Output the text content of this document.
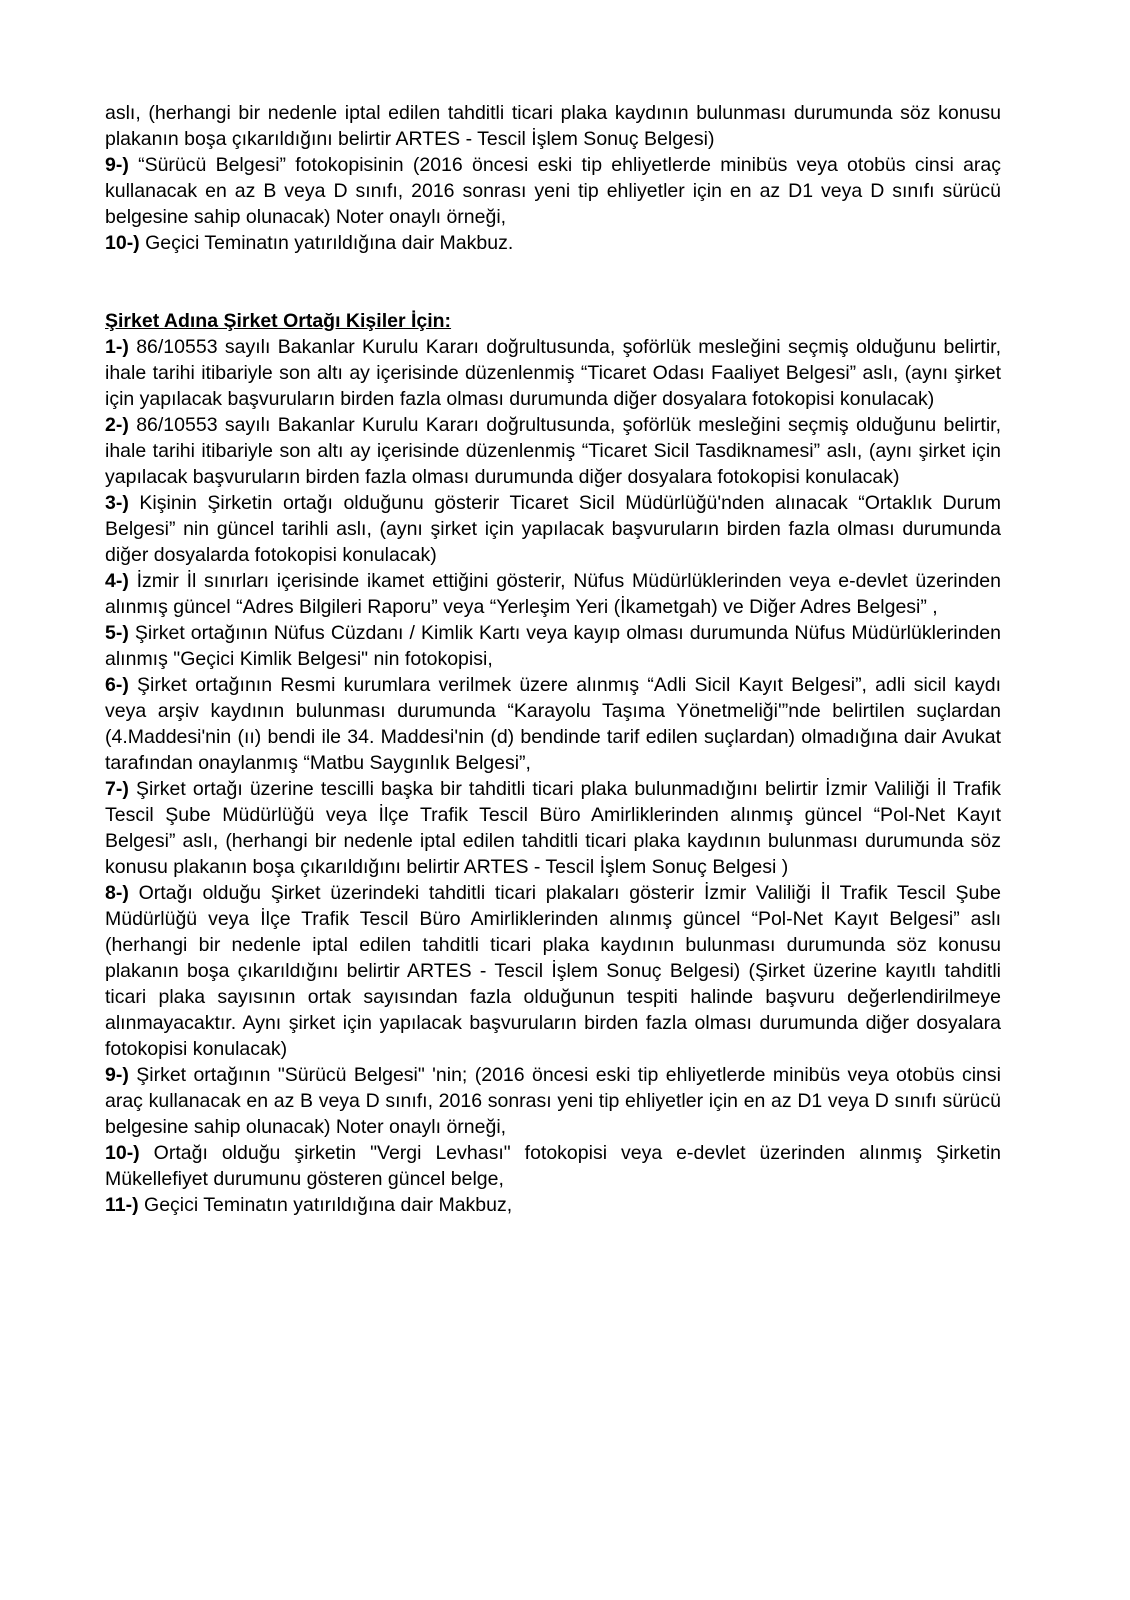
aslı, (herhangi bir nedenle iptal edilen tahditli ticari plaka kaydının bulunması durumunda söz konusu plakanın boşa çıkarıldığını belirtir ARTES - Tescil İşlem Sonuç Belgesi)

9-) “Sürücü Belgesi” fotokopisinin (2016 öncesi eski tip ehliyetlerde minibüs veya otobüs cinsi araç kullanacak en az B veya D sınıfı, 2016 sonrası yeni tip ehliyetler için en az D1 veya D sınıfı sürücü belgesine sahip olunacak) Noter onaylı örneği,

10-) Geçici Teminatın yatırıldığına dair Makbuz.

Şirket Adına Şirket Ortağı Kişiler İçin:

1-) 86/10553 sayılı Bakanlar Kurulu Kararı doğrultusunda, şoförlük mesleğini seçmiş olduğunu belirtir, ihale tarihi itibariyle son altı ay içerisinde düzenlenmiş “Ticaret Odası Faaliyet Belgesi” aslı, (aynı şirket için yapılacak başvuruların birden fazla olması durumunda diğer dosyalara fotokopisi konulacak)

2-) 86/10553 sayılı Bakanlar Kurulu Kararı doğrultusunda, şoförlük mesleğini seçmiş olduğunu belirtir, ihale tarihi itibariyle son altı ay içerisinde düzenlenmiş “Ticaret Sicil Tasdiknamesi” aslı, (aynı şirket için yapılacak başvuruların birden fazla olması durumunda diğer dosyalara fotokopisi konulacak)

3-) Kişinin Şirketin ortağı olduğunu gösterir Ticaret Sicil Müdürlüğü'nden alınacak “Ortaklık Durum Belgesi” nin güncel tarihli aslı, (aynı şirket için yapılacak başvuruların birden fazla olması durumunda diğer dosyalarda fotokopisi konulacak)

4-) İzmir İl sınırları içerisinde ikamet ettiğini gösterir, Nüfus Müdürlüklerinden veya e-devlet üzerinden alınmış güncel “Adres Bilgileri Raporu” veya “Yerleşim Yeri (İkametgah) ve Diğer Adres Belgesi” ,

5-) Şirket ortağının Nüfus Cüzdanı / Kimlik Kartı veya kayıp olması durumunda Nüfus Müdürlüklerinden alınmış "Geçici Kimlik Belgesi" nin fotokopisi,

6-) Şirket ortağının Resmi kurumlara verilmek üzere alınmış “Adli Sicil Kayıt Belgesi”, adli sicil kaydı veya arşiv kaydının bulunması durumunda “Karayolu Taşıma Yönetmeliği'”nde belirtilen suçlardan (4.Maddesi'nin (ıı) bendi ile 34. Maddesi'nin (d) bendinde tarif edilen suçlardan) olmadığına dair Avukat tarafından onaylanmış “Matbu Saygınlık Belgesi”,

7-) Şirket ortağı üzerine tescilli başka bir tahditli ticari plaka bulunmadığını belirtir İzmir Valiliği İl Trafik Tescil Şube Müdürlüğü veya İlçe Trafik Tescil Büro Amirliklerinden alınmış güncel “Pol-Net Kayıt Belgesi” aslı, (herhangi bir nedenle iptal edilen tahditli ticari plaka kaydının bulunması durumunda söz konusu plakanın boşa çıkarıldığını belirtir ARTES - Tescil İşlem Sonuç Belgesi )

8-) Ortağı olduğu Şirket üzerindeki tahditli ticari plakaları gösterir İzmir Valiliği İl Trafik Tescil Şube Müdürlüğü veya İlçe Trafik Tescil Büro Amirliklerinden alınmış güncel “Pol-Net Kayıt Belgesi” aslı (herhangi bir nedenle iptal edilen tahditli ticari plaka kaydının bulunması durumunda söz konusu plakanın boşa çıkarıldığını belirtir ARTES - Tescil İşlem Sonuç Belgesi) (Şirket üzerine kayıtlı tahditli ticari plaka sayısının ortak sayısından fazla olduğunun tespiti halinde başvuru değerlendirilmeye alınmayacaktır. Aynı şirket için yapılacak başvuruların birden fazla olması durumunda diğer dosyalara fotokopisi konulacak)

9-) Şirket ortağının "Sürücü Belgesi" 'nin; (2016 öncesi eski tip ehliyetlerde minibüs veya otobüs cinsi araç kullanacak en az B veya D sınıfı, 2016 sonrası yeni tip ehliyetler için en az D1 veya D sınıfı sürücü belgesine sahip olunacak) Noter onaylı örneği,

10-) Ortağı olduğu şirketin "Vergi Levhası" fotokopisi veya e-devlet üzerinden alınmış Şirketin Mükellefiyet durumunu gösteren güncel belge,

11-) Geçici Teminatın yatırıldığına dair Makbuz,
